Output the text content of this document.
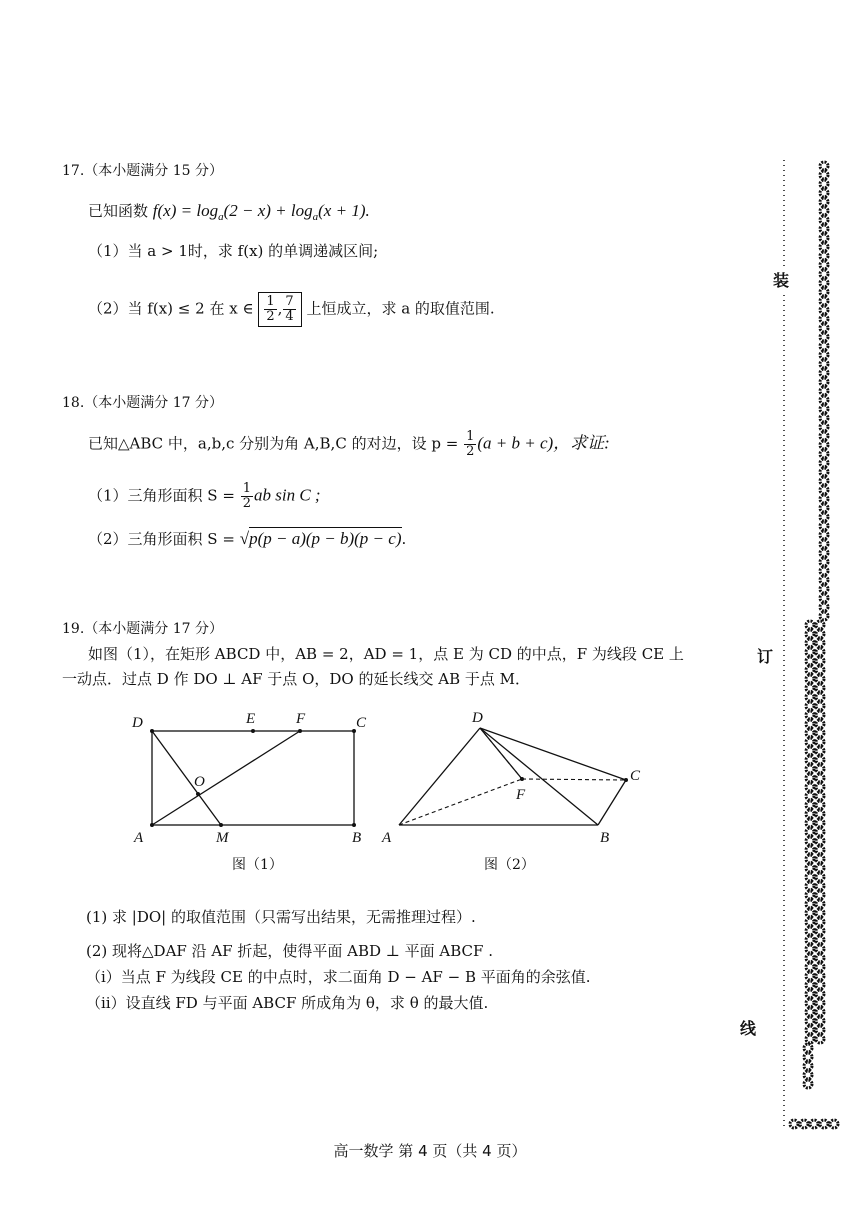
17.（本小题满分 15 分）
已知函数 $f(x) = \log_a(2 - x) + \log_a(x + 1)$.
（1）当 a > 1时，求 f(x) 的单调递减区间;
（2）当 f(x) ≤ 2 在 x ∈ $\frac{1}{2}$ , $\frac{7}{4}$ 上恒成立，求 a 的取值范围.
18.（本小题满分 17 分）
已知△ABC 中，a,b,c 分别为角 A,B,C 的对边，设 $p = \frac{1}{2} (a + b + c)$，求证:
（1）三角形面积 $S = \frac{1}{2}$ ab sin C ;
（2）三角形面积 S = √p(p − a)(p − b)(p − c).
19.（本小题满分 17 分）
如图（1），在矩形 ABCD 中，AB = 2，AD = 1，点 E 为 CD 的中点，F 为线段 CE 上
一动点．过点 D 作 DO ⊥ AF 于点 O，DO 的延长线交 AB 于点 M．
D	E	F	C
O
A	M	B
图（1）
D
C
F
A	B
图（2）
(1) 求 |DO| 的取值范围（只需写出结果，无需推理过程）.
(2) 现将△DAF 沿 AF 折起，使得平面 ABD ⊥ 平面 ABCF .
（ⅰ）当点 F 为线段 CE 的中点时，求二面角 D − AF − B 平面角的余弦值.
（ⅱ）设直线 FD 与平面 ABCF 所成角为 θ，求 θ 的最大值.
装
订
线
高一数学 第 4 页（共 4 页）
